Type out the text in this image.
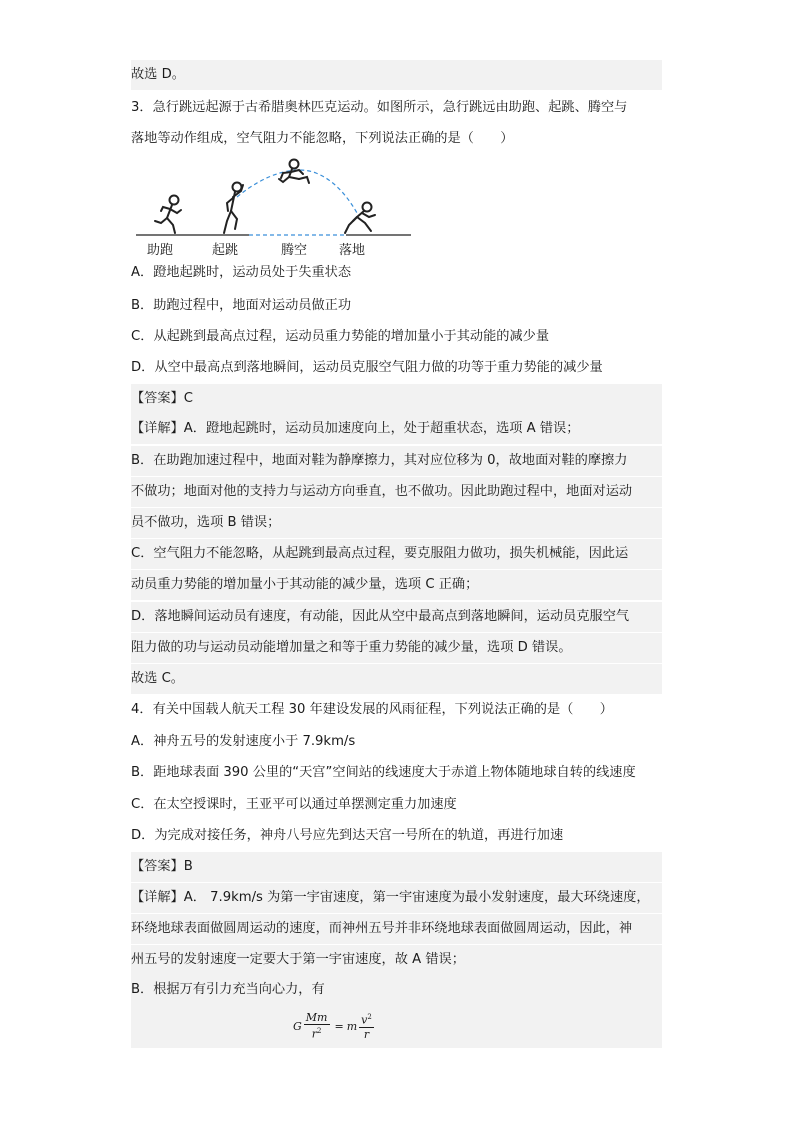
故选 D。
3．急行跳远起源于古希腊奥林匹克运动。如图所示，急行跳远由助跑、起跳、腾空与
落地等动作组成，空气阻力不能忽略，下列说法正确的是（　　）
A．蹬地起跳时，运动员处于失重状态
B．助跑过程中，地面对运动员做正功
C．从起跳到最高点过程，运动员重力势能的增加量小于其动能的减少量
D．从空中最高点到落地瞬间，运动员克服空气阻力做的功等于重力势能的减少量
【答案】C
【详解】A．蹬地起跳时，运动员加速度向上，处于超重状态，选项 A 错误；
B．在助跑加速过程中，地面对鞋为静摩擦力，其对应位移为 0，故地面对鞋的摩擦力
不做功；地面对他的支持力与运动方向垂直，也不做功。因此助跑过程中，地面对运动
员不做功，选项 B 错误；
C．空气阻力不能忽略，从起跳到最高点过程，要克服阻力做功，损失机械能，因此运
动员重力势能的增加量小于其动能的减少量，选项 C 正确；
D．落地瞬间运动员有速度，有动能，因此从空中最高点到落地瞬间，运动员克服空气
阻力做的功与运动员动能增加量之和等于重力势能的减少量，选项 D 错误。
故选 C。
4．有关中国载人航天工程 30 年建设发展的风雨征程，下列说法正确的是（　　）
A．神舟五号的发射速度小于 7.9km/s
B．距地球表面 390 公里的“天宫”空间站的线速度大于赤道上物体随地球自转的线速度
C．在太空授课时，王亚平可以通过单摆测定重力加速度
D．为完成对接任务，神舟八号应先到达天宫一号所在的轨道，再进行加速
【答案】B
【详解】A． 7.9km/s 为第一宇宙速度，第一宇宙速度为最小发射速度，最大环绕速度，
环绕地球表面做圆周运动的速度，而神州五号并非环绕地球表面做圆周运动，因此，神
州五号的发射速度一定要大于第一宇宙速度，故 A 错误；
B．根据万有引力充当向心力，有
助跑	起跳	腾空 落地
G $\frac{Mm}{r^2} = m \frac{v^2}{r}$
